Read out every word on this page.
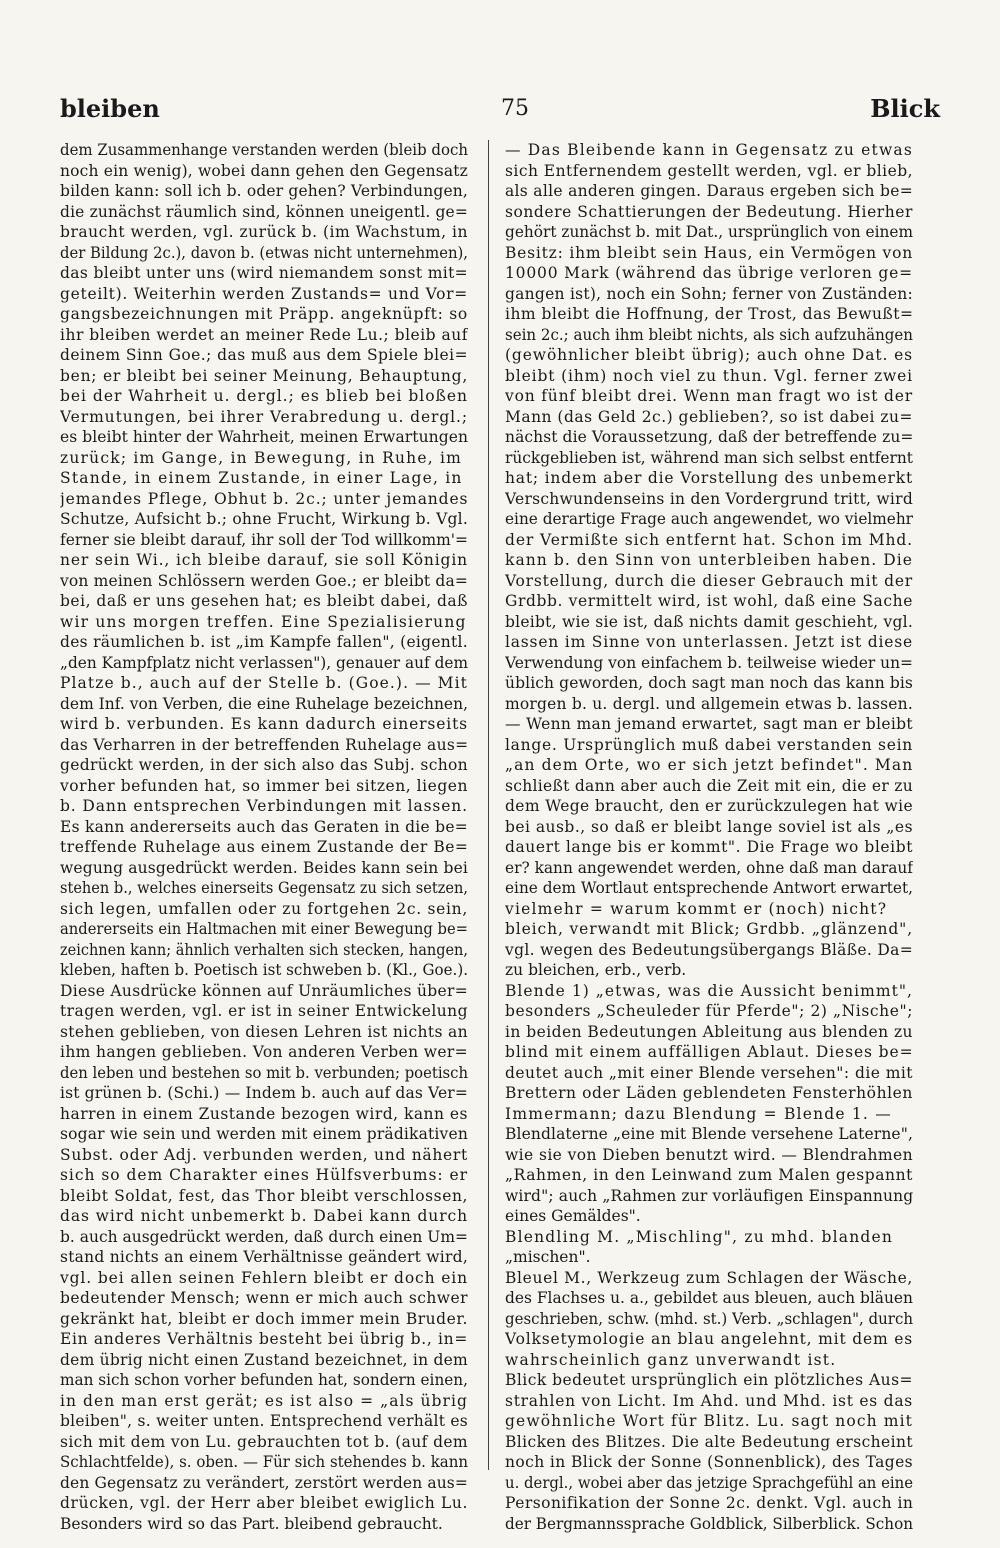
bleiben	75	Blick
dem Zusammenhange verstanden werden (bleib doch
noch ein wenig), wobei dann gehen den Gegensatz
bilden kann: soll ich b. oder gehen? Verbindungen,
die zunächst räumlich sind, können uneigentl. ge=
braucht werden, vgl. zurück b. (im Wachstum, in
der Bildung 2c.), davon b. (etwas nicht unternehmen),
das bleibt unter uns (wird niemandem sonst mit=
geteilt). Weiterhin werden Zustands= und Vor=
gangsbezeichnungen mit Präpp. angeknüpft: so
ihr bleiben werdet an meiner Rede Lu.; bleib auf
deinem Sinn Goe.; das muß aus dem Spiele blei=
ben; er bleibt bei seiner Meinung, Behauptung,
bei der Wahrheit u. dergl.; es blieb bei bloßen
Vermutungen, bei ihrer Verabredung u. dergl.;
es bleibt hinter der Wahrheit, meinen Erwartungen
zurück; im Gange, in Bewegung, in Ruhe, im
Stande, in einem Zustande, in einer Lage, in
jemandes Pflege, Obhut b. 2c.; unter jemandes
Schutze, Aufsicht b.; ohne Frucht, Wirkung b. Vgl.
ferner sie bleibt darauf, ihr soll der Tod willkomm'=
ner sein Wi., ich bleibe darauf, sie soll Königin
von meinen Schlössern werden Goe.; er bleibt da=
bei, daß er uns gesehen hat; es bleibt dabei, daß
wir uns morgen treffen. Eine Spezialisierung
des räumlichen b. ist „im Kampfe fallen", (eigentl.
„den Kampfplatz nicht verlassen"), genauer auf dem
Platze b., auch auf der Stelle b. (Goe.). — Mit
dem Inf. von Verben, die eine Ruhelage bezeichnen,
wird b. verbunden. Es kann dadurch einerseits
das Verharren in der betreffenden Ruhelage aus=
gedrückt werden, in der sich also das Subj. schon
vorher befunden hat, so immer bei sitzen, liegen
b. Dann entsprechen Verbindungen mit lassen.
Es kann andererseits auch das Geraten in die be=
treffende Ruhelage aus einem Zustande der Be=
wegung ausgedrückt werden. Beides kann sein bei
stehen b., welches einerseits Gegensatz zu sich setzen,
sich legen, umfallen oder zu fortgehen 2c. sein,
andererseits ein Haltmachen mit einer Bewegung be=
zeichnen kann; ähnlich verhalten sich stecken, hangen,
kleben, haften b. Poetisch ist schweben b. (Kl., Goe.).
Diese Ausdrücke können auf Unräumliches über=
tragen werden, vgl. er ist in seiner Entwickelung
stehen geblieben, von diesen Lehren ist nichts an
ihm hangen geblieben. Von anderen Verben wer=
den leben und bestehen so mit b. verbunden; poetisch
ist grünen b. (Schi.) — Indem b. auch auf das Ver=
harren in einem Zustande bezogen wird, kann es
sogar wie sein und werden mit einem prädikativen
Subst. oder Adj. verbunden werden, und nähert
sich so dem Charakter eines Hülfsverbums: er
bleibt Soldat, fest, das Thor bleibt verschlossen,
das wird nicht unbemerkt b. Dabei kann durch
b. auch ausgedrückt werden, daß durch einen Um=
stand nichts an einem Verhältnisse geändert wird,
vgl. bei allen seinen Fehlern bleibt er doch ein
bedeutender Mensch; wenn er mich auch schwer
gekränkt hat, bleibt er doch immer mein Bruder.
Ein anderes Verhältnis besteht bei übrig b., in=
dem übrig nicht einen Zustand bezeichnet, in dem
man sich schon vorher befunden hat, sondern einen,
in den man erst gerät; es ist also = „als übrig
bleiben", s. weiter unten. Entsprechend verhält es
sich mit dem von Lu. gebrauchten tot b. (auf dem
Schlachtfelde), s. oben. — Für sich stehendes b. kann
den Gegensatz zu verändert, zerstört werden aus=
drücken, vgl. der Herr aber bleibet ewiglich Lu.
Besonders wird so das Part. bleibend gebraucht.
— Das Bleibende kann in Gegensatz zu etwas
sich Entfernendem gestellt werden, vgl. er blieb,
als alle anderen gingen. Daraus ergeben sich be=
sondere Schattierungen der Bedeutung. Hierher
gehört zunächst b. mit Dat., ursprünglich von einem
Besitz: ihm bleibt sein Haus, ein Vermögen von
10000 Mark (während das übrige verloren ge=
gangen ist), noch ein Sohn; ferner von Zuständen:
ihm bleibt die Hoffnung, der Trost, das Bewußt=
sein 2c.; auch ihm bleibt nichts, als sich aufzuhängen
(gewöhnlicher bleibt übrig); auch ohne Dat. es
bleibt (ihm) noch viel zu thun. Vgl. ferner zwei
von fünf bleibt drei. Wenn man fragt wo ist der
Mann (das Geld 2c.) geblieben?, so ist dabei zu=
nächst die Voraussetzung, daß der betreffende zu=
rückgeblieben ist, während man sich selbst entfernt
hat; indem aber die Vorstellung des unbemerkt
Verschwundenseins in den Vordergrund tritt, wird
eine derartige Frage auch angewendet, wo vielmehr
der Vermißte sich entfernt hat. Schon im Mhd.
kann b. den Sinn von unterbleiben haben. Die
Vorstellung, durch die dieser Gebrauch mit der
Grdbb. vermittelt wird, ist wohl, daß eine Sache
bleibt, wie sie ist, daß nichts damit geschieht, vgl.
lassen im Sinne von unterlassen. Jetzt ist diese
Verwendung von einfachem b. teilweise wieder un=
üblich geworden, doch sagt man noch das kann bis
morgen b. u. dergl. und allgemein etwas b. lassen.
— Wenn man jemand erwartet, sagt man er bleibt
lange. Ursprünglich muß dabei verstanden sein
„an dem Orte, wo er sich jetzt befindet". Man
schließt dann aber auch die Zeit mit ein, die er zu
dem Wege braucht, den er zurückzulegen hat wie
bei ausb., so daß er bleibt lange soviel ist als „es
dauert lange bis er kommt". Die Frage wo bleibt
er? kann angewendet werden, ohne daß man darauf
eine dem Wortlaut entsprechende Antwort erwartet,
vielmehr = warum kommt er (noch) nicht?
bleich, verwandt mit Blick; Grdbb. „glänzend",
vgl. wegen des Bedeutungsübergangs Bläße. Da=
zu bleichen, erb., verb.
Blende 1) „etwas, was die Aussicht benimmt",
besonders „Scheuleder für Pferde"; 2) „Nische";
in beiden Bedeutungen Ableitung aus blenden zu
blind mit einem auffälligen Ablaut. Dieses be=
deutet auch „mit einer Blende versehen": die mit
Brettern oder Läden geblendeten Fensterhöhlen
Immermann; dazu Blendung = Blende 1. —
Blendlaterne „eine mit Blende versehene Laterne",
wie sie von Dieben benutzt wird. — Blendrahmen
„Rahmen, in den Leinwand zum Malen gespannt
wird"; auch „Rahmen zur vorläufigen Einspannung
eines Gemäldes".
Blendling M. „Mischling", zu mhd. blanden
„mischen".
Bleuel M., Werkzeug zum Schlagen der Wäsche,
des Flachses u. a., gebildet aus bleuen, auch bläuen
geschrieben, schw. (mhd. st.) Verb. „schlagen", durch
Volksetymologie an blau angelehnt, mit dem es
wahrscheinlich ganz unverwandt ist.
Blick bedeutet ursprünglich ein plötzliches Aus=
strahlen von Licht. Im Ahd. und Mhd. ist es das
gewöhnliche Wort für Blitz. Lu. sagt noch mit
Blicken des Blitzes. Die alte Bedeutung erscheint
noch in Blick der Sonne (Sonnenblick), des Tages
u. dergl., wobei aber das jetzige Sprachgefühl an eine
Personifikation der Sonne 2c. denkt. Vgl. auch in
der Bergmannssprache Goldblick, Silberblick. Schon
